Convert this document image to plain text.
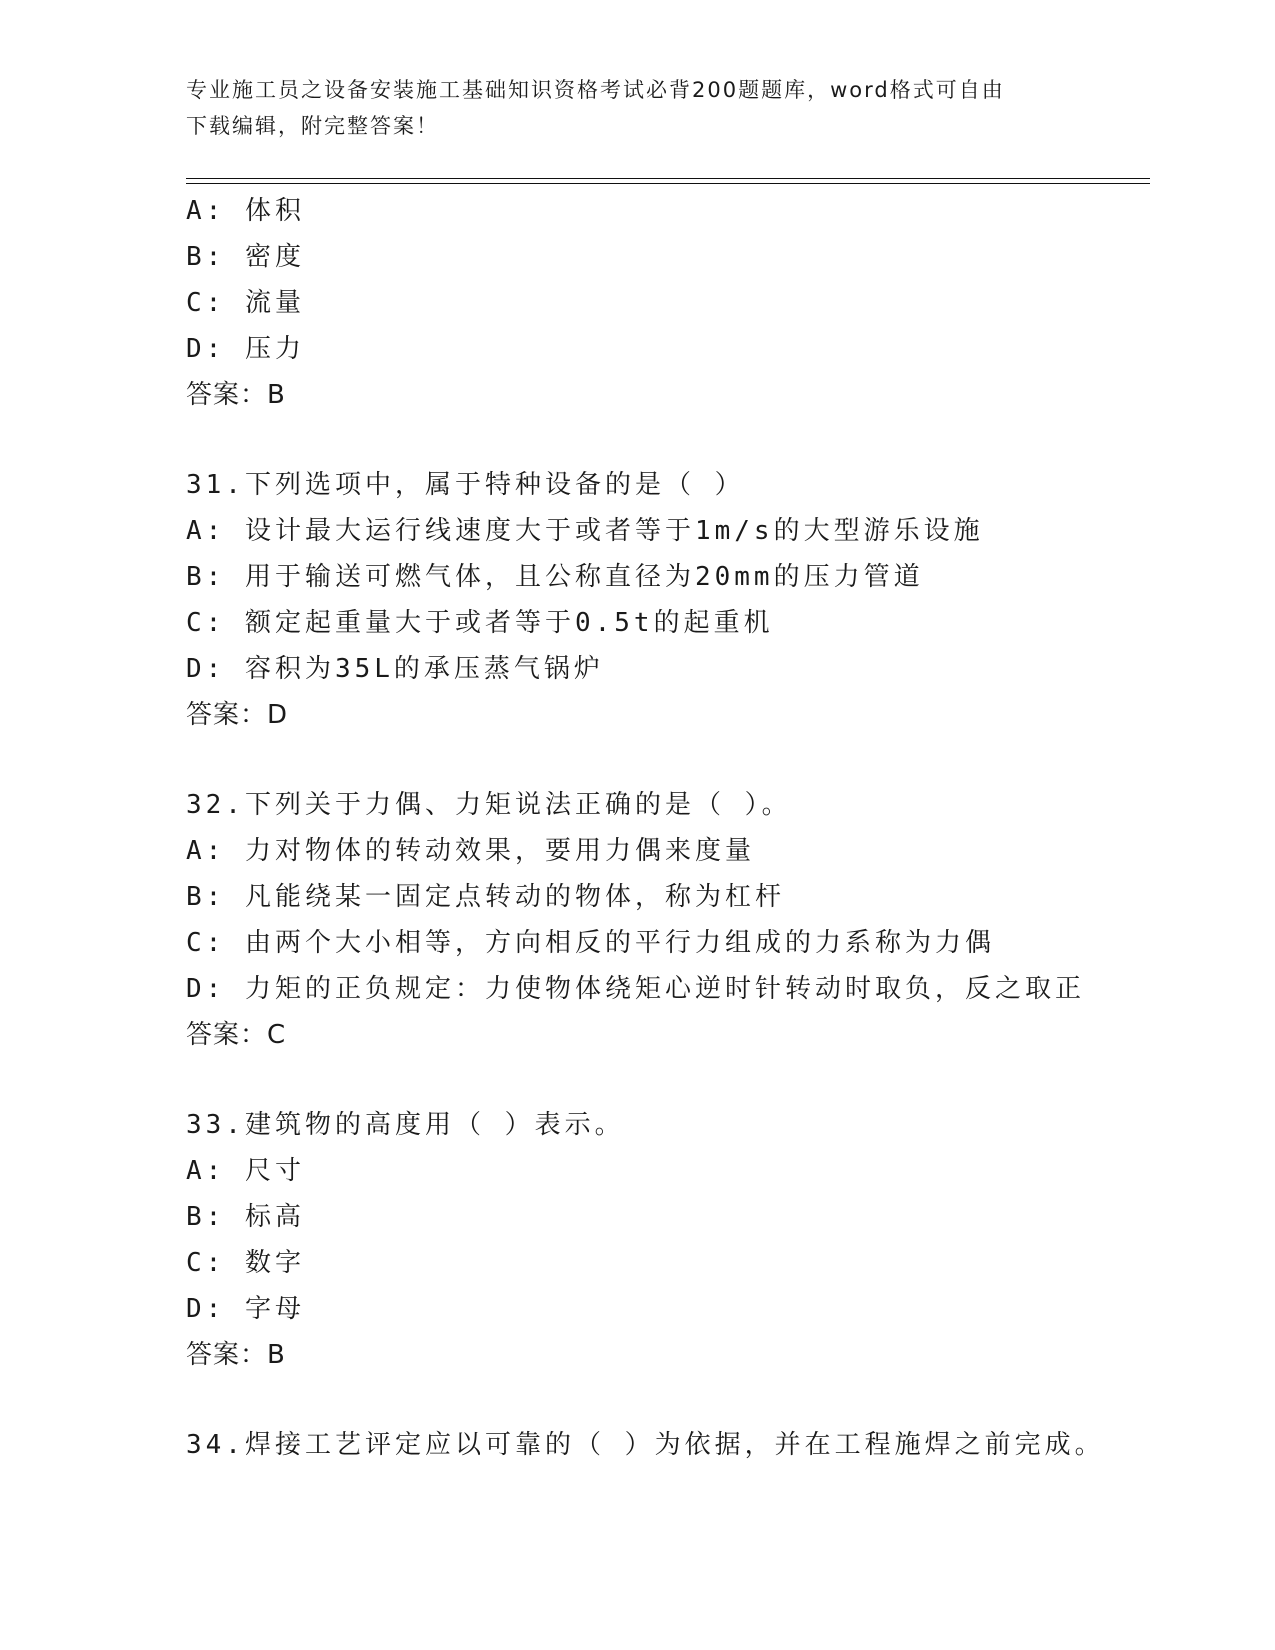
专业施工员之设备安装施工基础知识资格考试必背200题题库，word格式可自由
下载编辑，附完整答案！
A: 体积
B: 密度
C: 流量
D: 压力
答案：B
31.下列选项中，属于特种设备的是（ ）
A: 设计最大运行线速度大于或者等于1m/s的大型游乐设施
B: 用于输送可燃气体，且公称直径为20mm的压力管道
C: 额定起重量大于或者等于0.5t的起重机
D: 容积为35L的承压蒸气锅炉
答案：D
32.下列关于力偶、力矩说法正确的是（ ）。
A: 力对物体的转动效果，要用力偶来度量
B: 凡能绕某一固定点转动的物体，称为杠杆
C: 由两个大小相等，方向相反的平行力组成的力系称为力偶
D: 力矩的正负规定：力使物体绕矩心逆时针转动时取负，反之取正
答案：C
33.建筑物的高度用（ ）表示。
A: 尺寸
B: 标高
C: 数字
D: 字母
答案：B
34.焊接工艺评定应以可靠的（ ）为依据，并在工程施焊之前完成。
